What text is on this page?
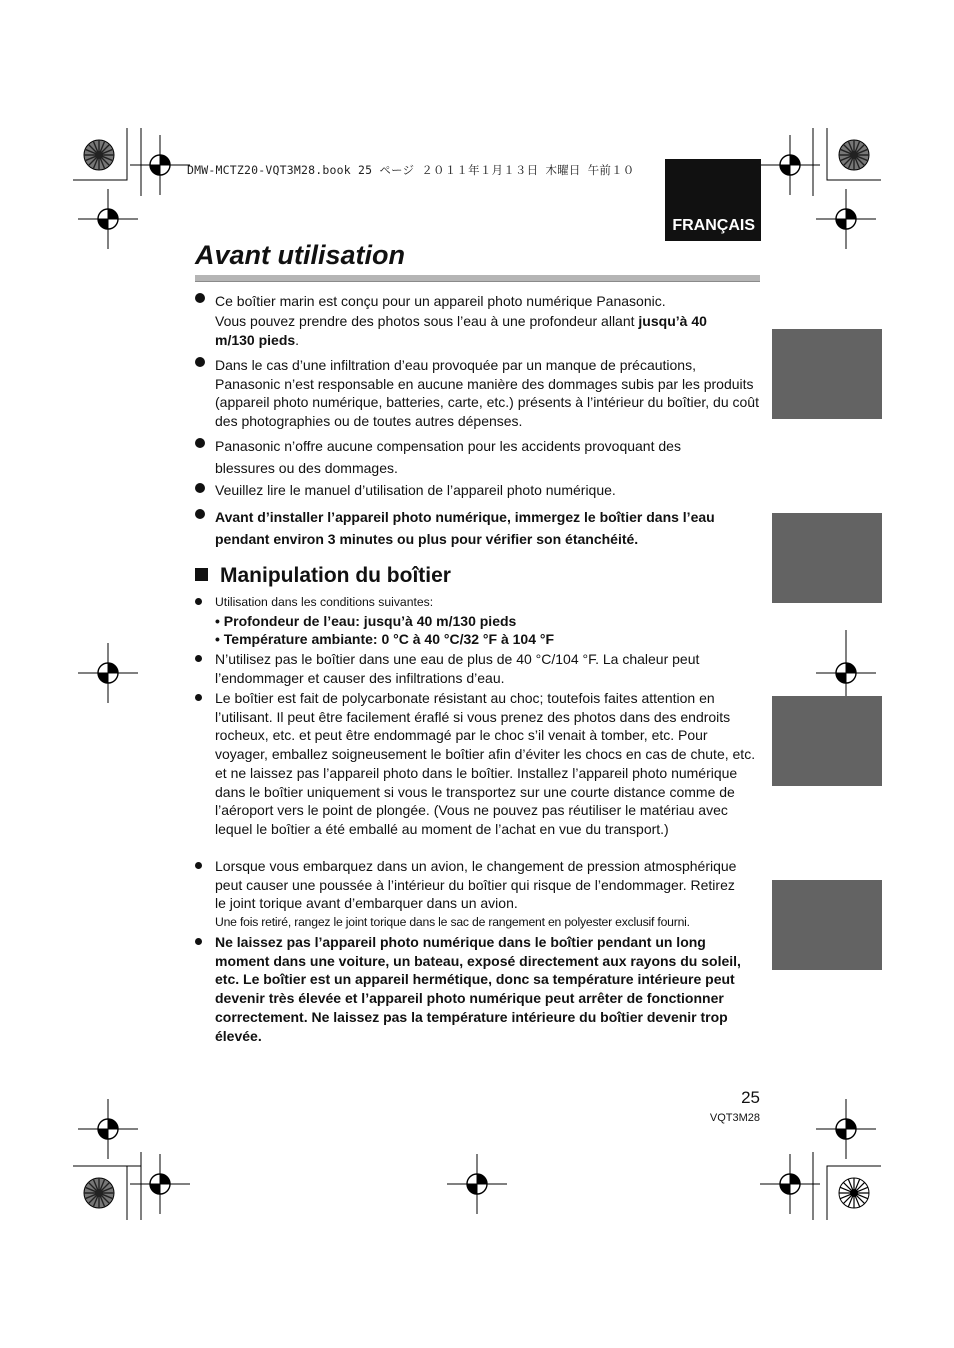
DMW-MCTZ20-VQT3M28.book 25 ページ ２０１１年１月１３日 木曜日 午前１０
FRANÇAIS
Avant utilisation
Ce boîtier marin est conçu pour un appareil photo numérique Panasonic.
Vous pouvez prendre des photos sous l’eau à une profondeur allant jusqu’à 40 m/130 pieds.
Dans le cas d’une infiltration d’eau provoquée par un manque de précautions, Panasonic n’est responsable en aucune manière des dommages subis par les produits (appareil photo numérique, batteries, carte, etc.) présents à l’intérieur du boîtier, du coût des photographies ou de toutes autres dépenses.
Panasonic n’offre aucune compensation pour les accidents provoquant des blessures ou des dommages.
Veuillez lire le manuel d’utilisation de l’appareil photo numérique.
Avant d’installer l’appareil photo numérique, immergez le boîtier dans l’eau pendant environ 3 minutes ou plus pour vérifier son étanchéité.
Manipulation du boîtier
Utilisation dans les conditions suivantes:
• Profondeur de l’eau: jusqu’à 40 m/130 pieds
• Température ambiante: 0 °C à 40 °C/32 °F à 104 °F
N’utilisez pas le boîtier dans une eau de plus de 40 °C/104 °F. La chaleur peut l’endommager et causer des infiltrations d’eau.
Le boîtier est fait de polycarbonate résistant au choc; toutefois faites attention en l’utilisant. Il peut être facilement éraflé si vous prenez des photos dans des endroits rocheux, etc. et peut être endommagé par le choc s’il venait à tomber, etc. Pour voyager, emballez soigneusement le boîtier afin d’éviter les chocs en cas de chute, etc. et ne laissez pas l’appareil photo dans le boîtier. Installez l’appareil photo numérique dans le boîtier uniquement si vous le transportez sur une courte distance comme de l’aéroport vers le point de plongée. (Vous ne pouvez pas réutiliser le matériau avec lequel le boîtier a été emballé au moment de l’achat en vue du transport.)
Lorsque vous embarquez dans un avion, le changement de pression atmosphérique peut causer une poussée à l’intérieur du boîtier qui risque de l’endommager. Retirez le joint torique avant d’embarquer dans un avion.
Une fois retiré, rangez le joint torique dans le sac de rangement en polyester exclusif fourni.
Ne laissez pas l’appareil photo numérique dans le boîtier pendant un long moment dans une voiture, un bateau, exposé directement aux rayons du soleil, etc. Le boîtier est un appareil hermétique, donc sa température intérieure peut devenir très élevée et l’appareil photo numérique peut arrêter de fonctionner correctement. Ne laissez pas la température intérieure du boîtier devenir trop élevée.
25
VQT3M28
